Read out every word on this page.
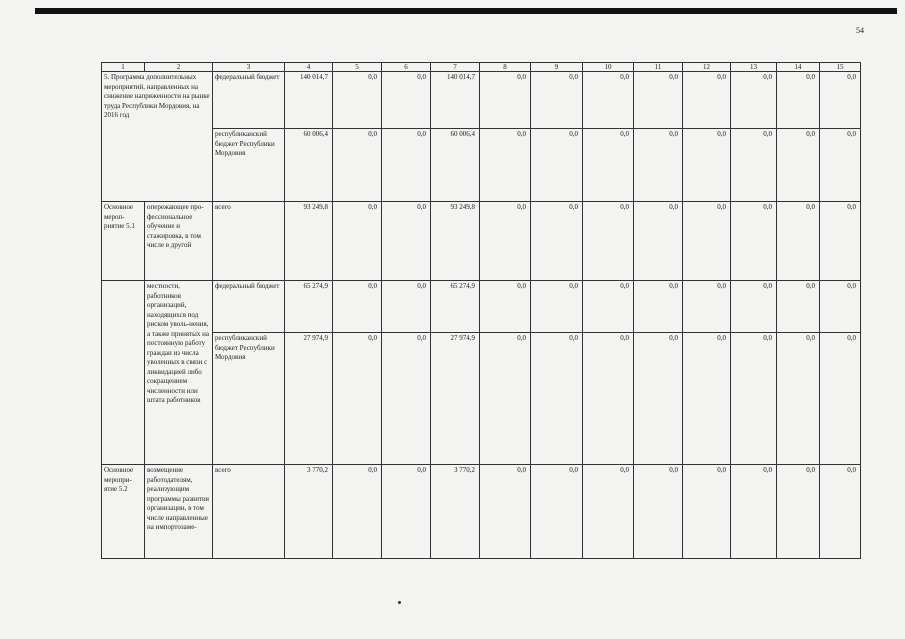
54
1	2	3	4	5	6	7	8	9	10	11	12	13	14	15
5. Программа дополнительных мероприятий, направленных на снижение напряженности на рынке труда Республики Мордовия, на 2016 год		федеральный бюджет	140 014,7	0,0	0,0	140 014,7	0,0	0,0	0,0	0,0	0,0	0,0	0,0	0,0
		республиканский бюджет Республики Мордовия	60 006,4	0,0	0,0	60 006,4	0,0	0,0	0,0	0,0	0,0	0,0	0,0	0,0
Основное мероп-риятие 5.1	опережающее про-фессиональное обучение и стажировка, в том числе в другой	всего	93 249,8	0,0	0,0	93 249,8	0,0	0,0	0,0	0,0	0,0	0,0	0,0	0,0
	местности, работников организаций, находящихся под риском уволь-нения, а также принятых на постоянную работу граждан из числа уволенных в связи с ликвидацией либо сокращением численности или штата работников	федеральный бюджет	65 274,9	0,0	0,0	65 274,9	0,0	0,0	0,0	0,0	0,0	0,0	0,0	0,0
		республиканский бюджет Республики Мордовия	27 974,9	0,0	0,0	27 974,9	0,0	0,0	0,0	0,0	0,0	0,0	0,0	0,0
Основное меропри-ятие 5.2	возмещение работодателям, реализующим программы развития организации, в том числе направленные на импортозаме-	всего	3 770,2	0,0	0,0	3 770,2	0,0	0,0	0,0	0,0	0,0	0,0	0,0	0,0
